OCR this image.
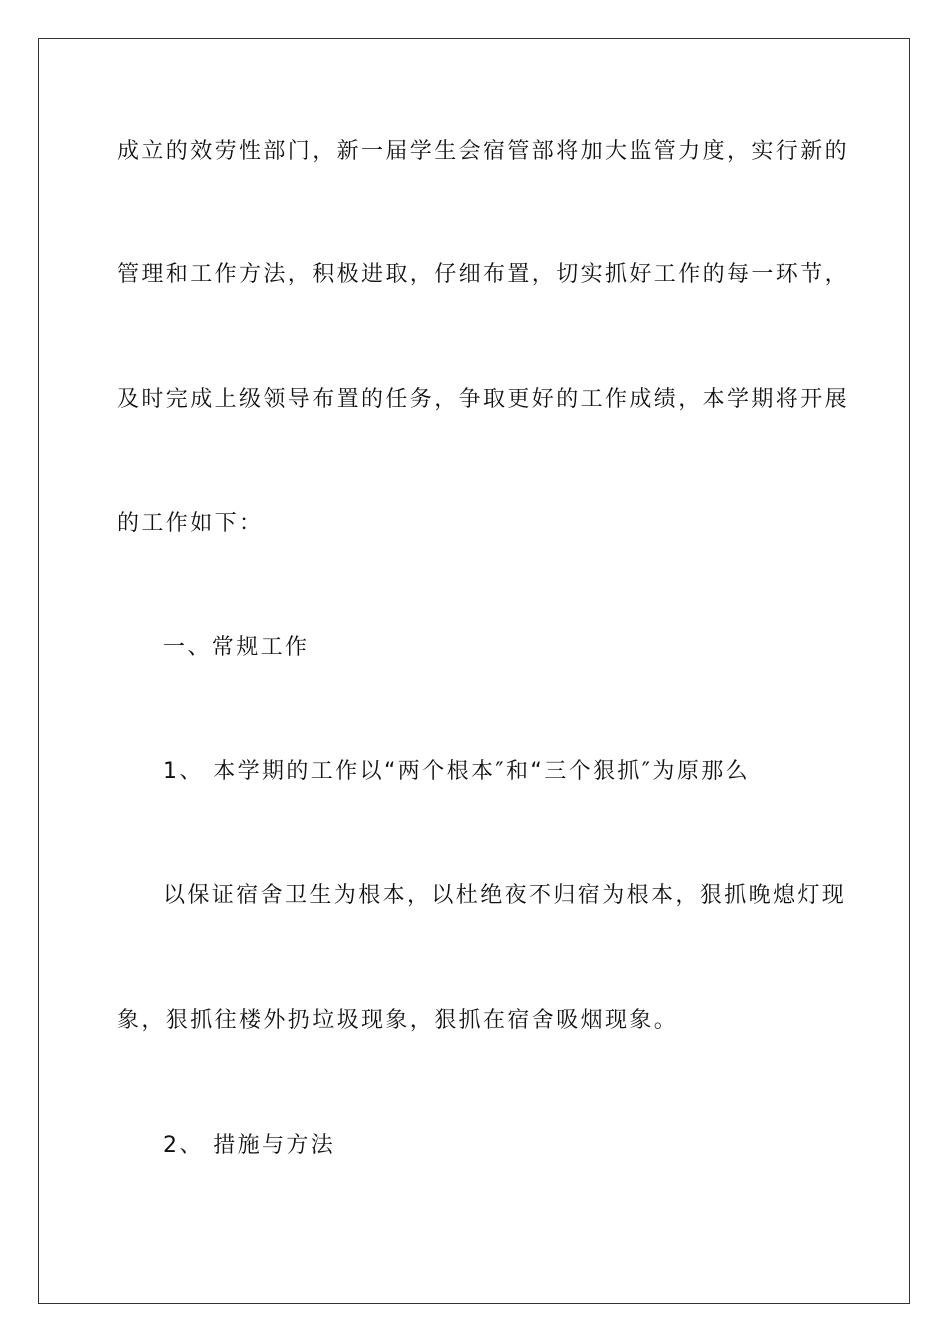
成立的效劳性部门，新一届学生会宿管部将加大监管力度，实行新的
管理和工作方法，积极进取，仔细布置，切实抓好工作的每一环节，
及时完成上级领导布置的任务，争取更好的工作成绩，本学期将开展
的工作如下：
一、常规工作
1、 本学期的工作以“两个根本″和“三个狠抓″为原那么
以保证宿舍卫生为根本，以杜绝夜不归宿为根本，狠抓晚熄灯现
象，狠抓往楼外扔垃圾现象，狠抓在宿舍吸烟现象。
2、 措施与方法
